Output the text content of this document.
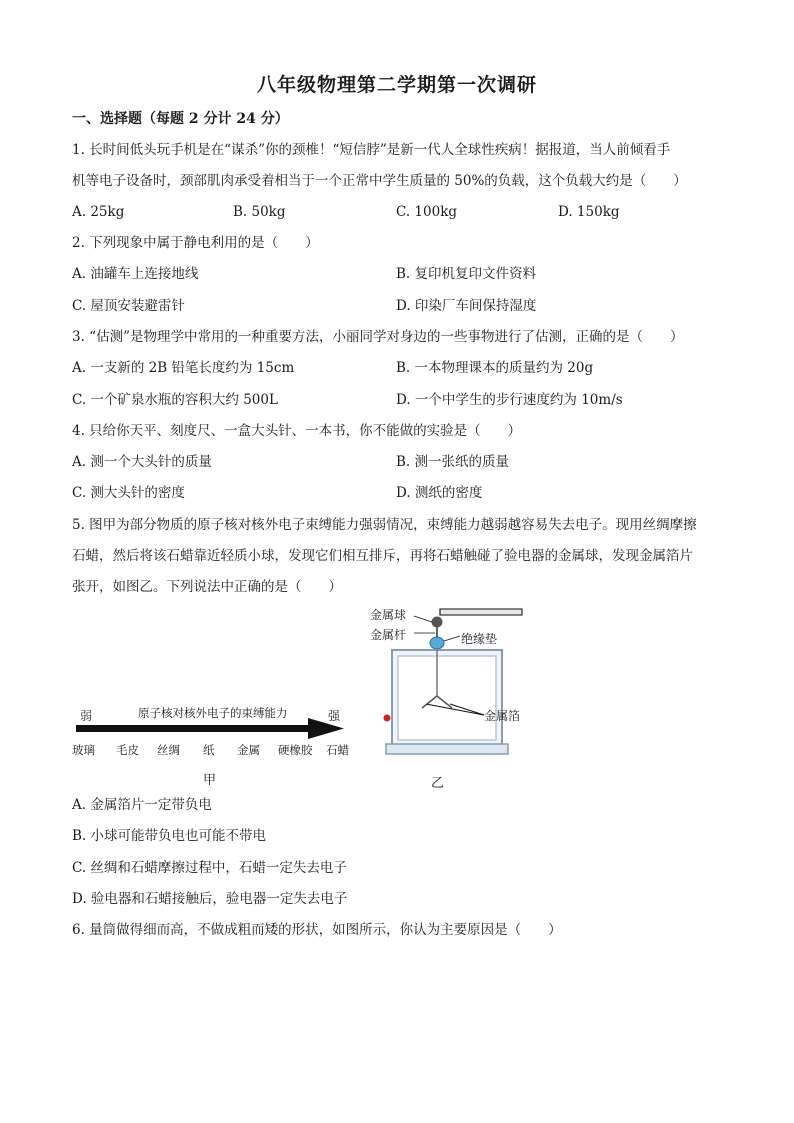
八年级物理第二学期第一次调研
一、选择题（每题 2 分计 24 分）
1. 长时间低头玩手机是在“谋杀”你的颈椎！“短信脖”是新一代人全球性疾病！据报道，当人前倾看手
机等电子设备时，颈部肌肉承受着相当于一个正常中学生质量的 50%的负载，这个负载大约是（　　）
A. 25kg	B. 50kg	C. 100kg	D. 150kg
2. 下列现象中属于静电利用的是（　　）
A. 油罐车上连接地线	B. 复印机复印文件资料
C. 屋顶安装避雷针	D. 印染厂车间保持湿度
3. “估测”是物理学中常用的一种重要方法，小丽同学对身边的一些事物进行了估测，正确的是（　　）
A. 一支新的 2B 铅笔长度约为 15cm	B. 一本物理课本的质量约为 20g
C. 一个矿泉水瓶的容积大约 500L	D. 一个中学生的步行速度约为 10m/s
4. 只给你天平、刻度尺、一盒大头针、一本书，你不能做的实验是（　　）
A. 测一个大头针的质量	B. 测一张纸的质量
C. 测大头针的密度	D. 测纸的密度
5. 图甲为部分物质的原子核对核外电子束缚能力强弱情况，束缚能力越弱越容易失去电子。现用丝绸摩擦
石蜡，然后将该石蜡靠近轻质小球，发现它们相互排斥，再将石蜡触碰了验电器的金属球，发现金属箔片
张开，如图乙。下列说法中正确的是（　　）
弱	原子核对核外电子的束缚能力	强
玻璃 毛皮 丝绸 纸 金属 硬橡胶 石蜡
甲
金属球
金属杆	绝缘垫
金属箔
乙
A. 金属箔片一定带负电
B. 小球可能带负电也可能不带电
C. 丝绸和石蜡摩擦过程中，石蜡一定失去电子
D. 验电器和石蜡接触后，验电器一定失去电子
6. 量筒做得细而高，不做成粗而矮的形状，如图所示，你认为主要原因是（　　）
